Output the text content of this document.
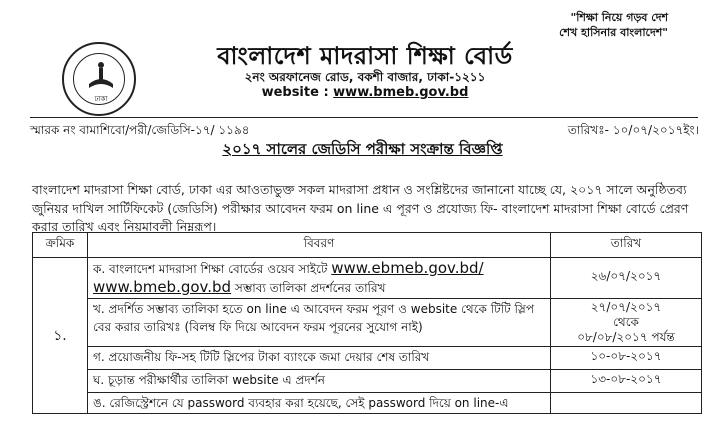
ঢাকা
"শিক্ষা নিয়ে গড়ব দেশ
শেখ হাসিনার বাংলাদেশ"
বাংলাদেশ মাদরাসা শিক্ষা বোর্ড
২নং অরফানেজ রোড, বকশী বাজার, ঢাকা-১২১১
website : www.bmeb.gov.bd
স্মারক নং বামাশিবো/পরী/জেডিসি-১৭/ ১১৯৪	তারিখঃ- ১০/০৭/২০১৭ইং।
২০১৭ সালের জেডিসি পরীক্ষা সংক্রান্ত বিজ্ঞপ্তি
বাংলাদেশ মাদরাসা শিক্ষা বোর্ড, ঢাকা এর আওতাভুক্ত সকল মাদরাসা প্রধান ও সংশ্লিষ্টদের জানানো যাচ্ছে যে, ২০১৭ সালে অনুষ্ঠিতব্য জুনিয়র দাখিল সার্টিফিকেট (জেডিসি) পরীক্ষার আবেদন ফরম on line এ পূরণ ও প্রযোজ্য ফি- বাংলাদেশ মাদরাসা শিক্ষা বোর্ডে প্রেরণ করার তারিখ এবং নিয়মাবলী নিম্নরূপ।
ক্রমিক	বিবরণ	তারিখ
১.	ক. বাংলাদেশ মাদরাসা শিক্ষা বোর্ডের ওয়েব সাইটে www.ebmeb.gov.bd/
www.bmeb.gov.bd সম্ভাব্য তালিকা প্রদর্শনের তারিখ	২৬/০৭/২০১৭
	খ. প্রদর্শিত সম্ভাব্য তালিকা হতে on line এ আবেদন ফরম পূরণ ও website থেকে টিটি স্লিপ বের করার তারিখঃ (বিলম্ব ফি দিয়ে আবেদন ফরম পূরনের সুযোগ নাই)	২৭/০৭/২০১৭
থেকে
০৮/০৮/২০১৭ পর্যন্ত

	গ. প্রয়োজনীয় ফি-সহ টিটি স্লিপের টাকা ব্যাংকে জমা দেয়ার শেষ তারিখ	১০-০৮-২০১৭
	ঘ. চূড়ান্ত পরীক্ষার্থীর তালিকা website এ প্রদর্শন	১৩-০৮-২০১৭
	ঙ. রেজিস্ট্রেশনে যে password ব্যবহার করা হয়েছে, সেই password দিয়ে on line-এ	
